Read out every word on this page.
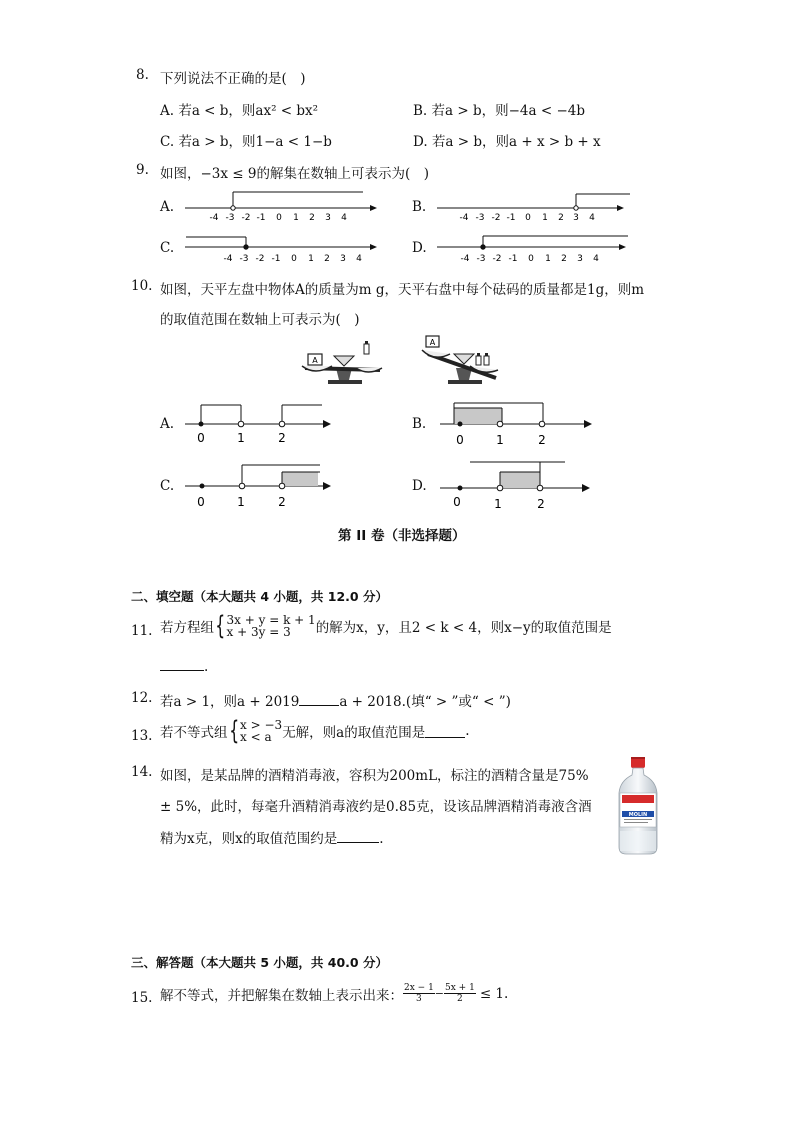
8. 下列说法不正确的是(　)
A. 若a < b，则ax² < bx²	B. 若a > b，则−4a < −4b
C. 若a > b，则1−a < 1−b	D. 若a > b，则a + x > b + x
9. 如图，−3x ≤ 9的解集在数轴上可表示为(　)
A.	B.
C.	D.
-4 -3 -2 -1 0 1 2 3 4	-4 -3 -2 -1 0 1 2 3 4
-4 -3 -2 -1 0 1 2 3 4	-4 -3 -2 -1 0 1 2 3 4
10. 如图，天平左盘中物体A的质量为m g，天平右盘中每个砝码的质量都是1g，则m
的取值范围在数轴上可表示为(　)
A
A
A.	B.
C.	D.
0	1	2	0	1	2
0	1	2	0	1	2
第 II 卷（非选择题）
二、填空题（本大题共 4 小题，共 12.0 分）
11. 若方程组 { 3x + y = k + 1
x + 3y = 3	的解为x，y，且2 < k < 4，则x−y的取值范围是
.
12. 若a > 1，则a + 2019	a + 2018.(填“ > ”或“ < ”)
13. 若不等式组 { x > −3
x < a 无解，则a的取值范围是	.
14. 如图，是某品牌的酒精消毒液，容积为200mL，标注的酒精含量是75%
± 5%，此时，每毫升酒精消毒液约是0.85克，设该品牌酒精消毒液含酒
精为x克，则x的取值范围约是	.
MOLIN
三、解答题（本大题共 5 小题，共 40.0 分）
15. 解不等式，并把解集在数轴上表示出来： $\frac{2x - 1}{3} - \frac{5x + 1}{2} \le 1$.
